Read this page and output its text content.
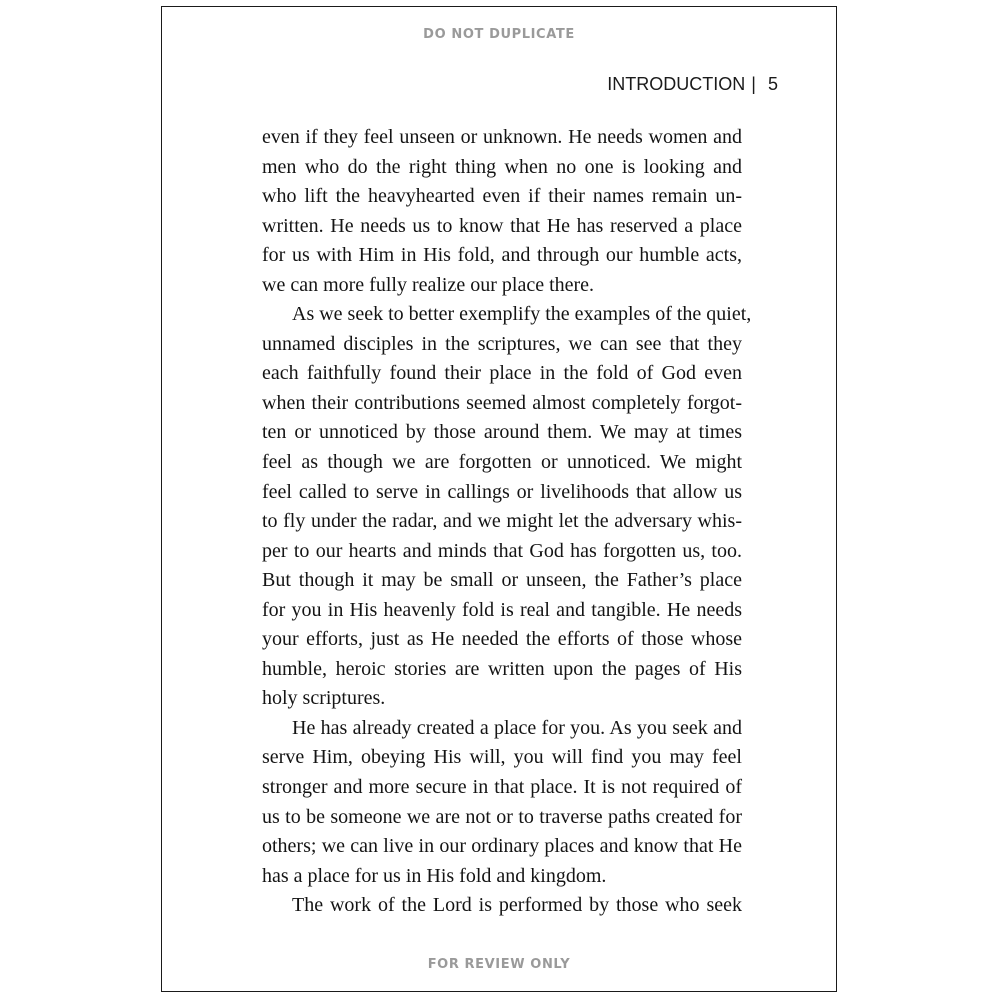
DO NOT DUPLICATE
INTRODUCTION | 5
even if they feel unseen or unknown. He needs women and
men who do the right thing when no one is looking and
who lift the heavyhearted even if their names remain un-
written. He needs us to know that He has reserved a place
for us with Him in His fold, and through our humble acts,
we can more fully realize our place there.
As we seek to better exemplify the examples of the quiet,
unnamed disciples in the scriptures, we can see that they
each faithfully found their place in the fold of God even
when their contributions seemed almost completely forgot-
ten or unnoticed by those around them. We may at times
feel as though we are forgotten or unnoticed. We might
feel called to serve in callings or livelihoods that allow us
to fly under the radar, and we might let the adversary whis-
per to our hearts and minds that God has forgotten us, too.
But though it may be small or unseen, the Father’s place
for you in His heavenly fold is real and tangible. He needs
your efforts, just as He needed the efforts of those whose
humble, heroic stories are written upon the pages of His
holy scriptures.
He has already created a place for you. As you seek and
serve Him, obeying His will, you will find you may feel
stronger and more secure in that place. It is not required of
us to be someone we are not or to traverse paths created for
others; we can live in our ordinary places and know that He
has a place for us in His fold and kingdom.
The work of the Lord is performed by those who seek
FOR REVIEW ONLY
